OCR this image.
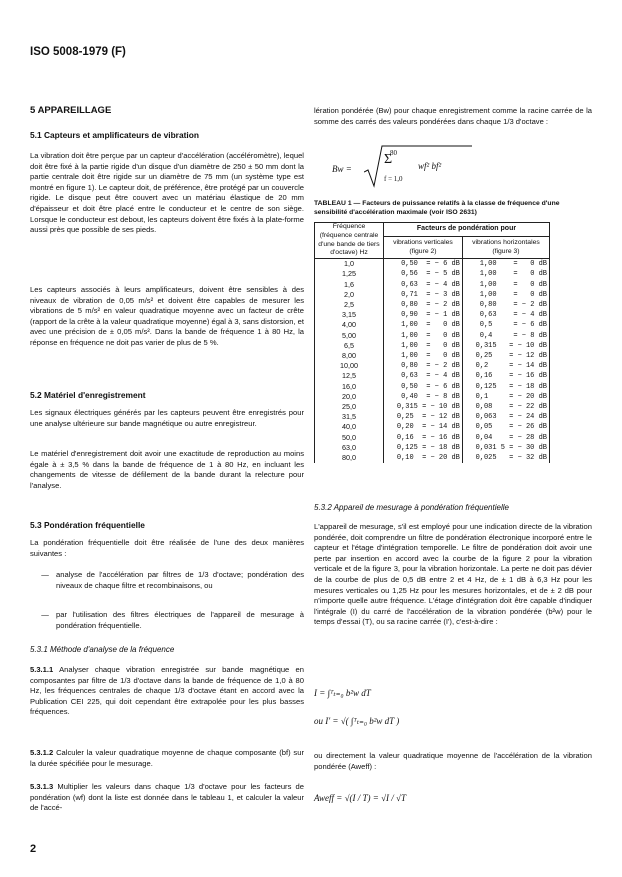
ISO 5008-1979 (F)
5 APPAREILLAGE
5.1 Capteurs et amplificateurs de vibration

La vibration doit être perçue par un capteur d'accélération (accéléromètre), lequel doit être fixé à la partie rigide d'un disque d'un diamètre de 250 ± 50 mm dont la partie centrale doit être rigide sur un diamètre de 75 mm (un système type est montré en figure 1). Le capteur doit, de préférence, être protégé par un couvercle rigide. Le disque peut être couvert avec un matériau élastique de 20 mm d'épaisseur et doit être placé entre le conducteur et le centre de son siège. Lorsque le conducteur est debout, les capteurs doivent être fixés à la plate-forme aussi près que possible de ses pieds.

Les capteurs associés à leurs amplificateurs, doivent être sensibles à des niveaux de vibration de 0,05 m/s² et doivent être capables de mesurer les vibrations de 5 m/s² en valeur quadratique moyenne avec un facteur de crête (rapport de la crête à la valeur quadratique moyenne) égal à 3, sans distorsion, et avec une précision de ± 0,05 m/s². Dans la bande de fréquence 1 à 80 Hz, la réponse en fréquence ne doit pas varier de plus de 5 %.

5.2 Matériel d'enregistrement

Les signaux électriques générés par les capteurs peuvent être enregistrés pour une analyse ultérieure sur bande magnétique ou autre enregistreur.

Le matériel d'enregistrement doit avoir une exactitude de reproduction au moins égale à ± 3,5 % dans la bande de fréquence de 1 à 80 Hz, en incluant les changements de vitesse de défilement de la bande durant la relecture pour l'analyse.

5.3 Pondération fréquentielle

La pondération fréquentielle doit être réalisée de l'une des deux manières suivantes :

— analyse de l'accélération par filtres de 1/3 d'octave; pondération des niveaux de chaque filtre et recombinaisons, ou

— par l'utilisation des filtres électriques de l'appareil de mesurage à pondération fréquentielle.

5.3.1 Méthode d'analyse de la fréquence

5.3.1.1 Analyser chaque vibration enregistrée sur bande magnétique en composantes par filtre de 1/3 d'octave dans la bande de fréquence de 1,0 à 80 Hz, les fréquences centrales de chaque 1/3 d'octave étant en accord avec la Publication CEI 225, qui doit cependant être extrapolée pour les plus basses fréquences.

5.3.1.2 Calculer la valeur quadratique moyenne de chaque composante (bf) sur la durée spécifiée pour le mesurage.

5.3.1.3 Multiplier les valeurs dans chaque 1/3 d'octave pour les facteurs de pondération (wf) dont la liste est donnée dans le tableau 1, et calculer la valeur de l'accé-

lération pondérée (Bw) pour chaque enregistrement comme la racine carrée de la somme des carrés des valeurs pondérées dans chaque 1/3 d'octave :

Bw =
80
Σ
f = 1,0
wf² bf²
TABLEAU 1 — Facteurs de puissance relatifs à la classe de fréquence d'une sensibilité d'accélération maximale (voir ISO 2631)
Fréquence (fréquence centrale d'une bande de tiers d'octave) Hz	Facteurs de pondération pour	
	vibrations verticales (figure 2)	vibrations horizontales (figure 3)
1,0	0,50  = − 6 dB	1,00    =   0 dB
1,25	0,56  = − 5 dB	1,00    =   0 dB
1,6	0,63  = − 4 dB	1,00    =   0 dB
2,0	0,71  = − 3 dB	1,00    =   0 dB
2,5	0,80  = − 2 dB	0,80    = − 2 dB
3,15	0,90  = − 1 dB	0,63    = − 4 dB
4,00	1,00  =   0 dB	0,5     = − 6 dB
5,00	1,00  =   0 dB	0,4     = − 8 dB
6,5	1,00  =   0 dB	0,315   = − 10 dB
8,00	1,00  =   0 dB	0,25    = − 12 dB
10,00	0,80  = − 2 dB	0,2     = − 14 dB
12,5	0,63  = − 4 dB	0,16    = − 16 dB
16,0	0,50  = − 6 dB	0,125   = − 18 dB
20,0	0,40  = − 8 dB	0,1     = − 20 dB
25,0	0,315 = − 10 dB	0,08    = − 22 dB
31,5	0,25  = − 12 dB	0,063   = − 24 dB
40,0	0,20  = − 14 dB	0,05    = − 26 dB
50,0	0,16  = − 16 dB	0,04    = − 28 dB
63,0	0,125 = − 18 dB	0,031 5 = − 30 dB
80,0	0,10  = − 20 dB	0,025   = − 32 dB
5.3.2 Appareil de mesurage à pondération fréquentielle

L'appareil de mesurage, s'il est employé pour une indication directe de la vibration pondérée, doit comprendre un filtre de pondération électronique incorporé entre le capteur et l'étage d'intégration temporelle. Le filtre de pondération doit avoir une perte par insertion en accord avec la courbe de la figure 2 pour la vibration verticale et de la figure 3, pour la vibration horizontale. La perte ne doit pas dévier de la courbe de plus de 0,5 dB entre 2 et 4 Hz, de ± 1 dB à 6,3 Hz pour les mesures verticales ou 1,25 Hz pour les mesures horizontales, et de ± 2 dB pour n'importe quelle autre fréquence. L'étage d'intégration doit être capable d'indiquer l'intégrale (I) du carré de l'accélération de la vibration pondérée (b²w) pour le temps d'essai (T), ou sa racine carrée (I'), c'est-à-dire :

I = ∫ᵀₜ₌₀ b²w dT
ou I' = √( ∫ᵀₜ₌₀ b²w dT )

ou directement la valeur quadratique moyenne de l'accélération de la vibration pondérée (Aweff) :

Aweff = √(I / T) = √I / √T
2
